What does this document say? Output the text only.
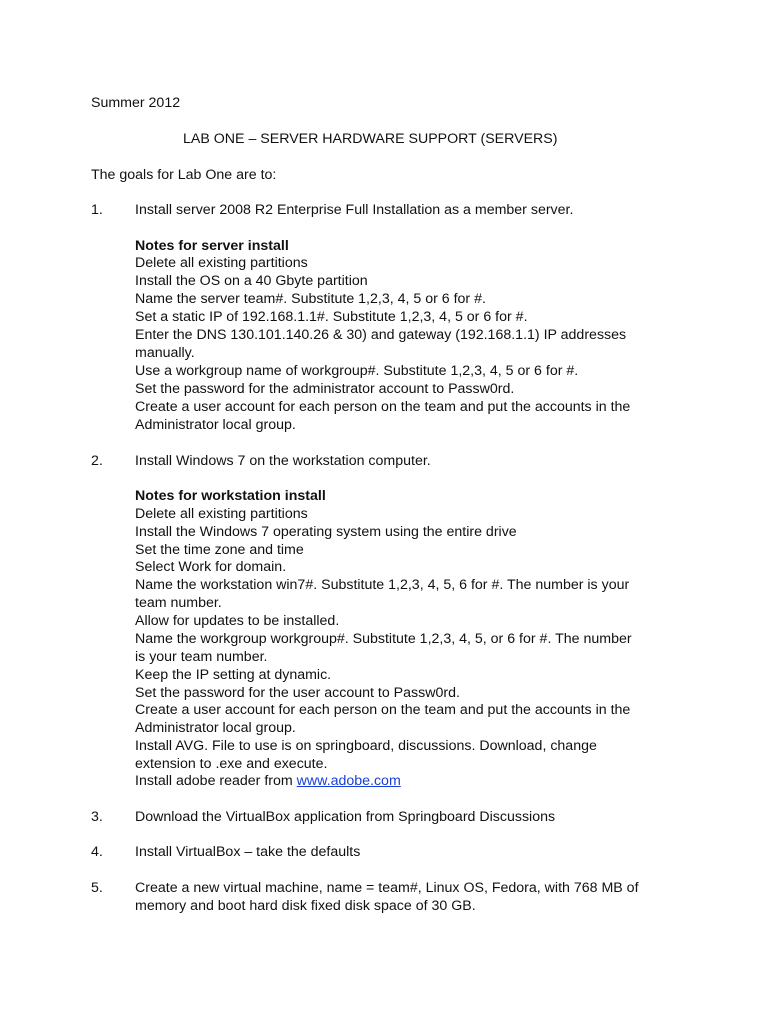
Summer 2012
LAB ONE – SERVER HARDWARE SUPPORT (SERVERS)
The goals for Lab One are to:
1. Install server 2008 R2 Enterprise Full Installation as a member server.
Notes for server install
Delete all existing partitions
Install the OS on a 40 Gbyte partition
Name the server team#. Substitute 1,2,3, 4, 5 or 6 for #.
Set a static IP of 192.168.1.1#. Substitute 1,2,3, 4, 5 or 6 for #.
Enter the DNS 130.101.140.26 & 30) and gateway (192.168.1.1) IP addresses
manually.
Use a workgroup name of workgroup#. Substitute 1,2,3, 4, 5 or 6 for #.
Set the password for the administrator account to Passw0rd.
Create a user account for each person on the team and put the accounts in the
Administrator local group.
2. Install Windows 7 on the workstation computer.
Notes for workstation install
Delete all existing partitions
Install the Windows 7 operating system using the entire drive
Set the time zone and time
Select Work for domain.
Name the workstation win7#. Substitute 1,2,3, 4, 5, 6 for #. The number is your
team number.
Allow for updates to be installed.
Name the workgroup workgroup#. Substitute 1,2,3, 4, 5, or 6 for #. The number
is your team number.
Keep the IP setting at dynamic.
Set the password for the user account to Passw0rd.
Create a user account for each person on the team and put the accounts in the
Administrator local group.
Install AVG. File to use is on springboard, discussions. Download, change
extension to .exe and execute.
Install adobe reader from www.adobe.com
3. Download the VirtualBox application from Springboard Discussions
4. Install VirtualBox – take the defaults
5. Create a new virtual machine, name = team#, Linux OS, Fedora, with 768 MB of
memory and boot hard disk fixed disk space of 30 GB.
